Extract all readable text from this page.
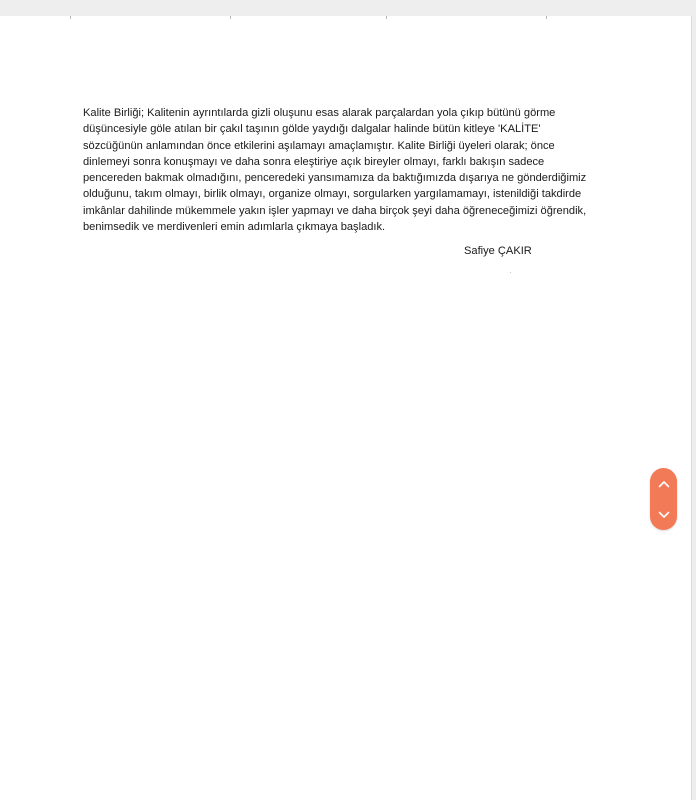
Kalite Birliği; Kalitenin ayrıntılarda gizli oluşunu esas alarak parçalardan yola çıkıp bütünü görme
düşüncesiyle göle atılan bir çakıl taşının gölde yaydığı dalgalar halinde bütün kitleye 'KALİTE'
sözcüğünün anlamından önce etkilerini aşılamayı amaçlamıştır. Kalite Birliği üyeleri olarak; önce
dinlemeyi sonra konuşmayı ve daha sonra eleştiriye açık bireyler olmayı, farklı bakışın sadece
pencereden bakmak olmadığını, penceredeki yansımamıza da baktığımızda dışarıya ne gönderdiğimiz
olduğunu, takım olmayı, birlik olmayı, organize olmayı, sorgularken yargılamamayı, istenildiği takdirde
imkânlar dahilinde mükemmele yakın işler yapmayı ve daha birçok şeyi daha öğreneceğimizi öğrendik,
benimsedik ve merdivenleri emin adımlarla çıkmaya başladık.

Safiye ÇAKIR
